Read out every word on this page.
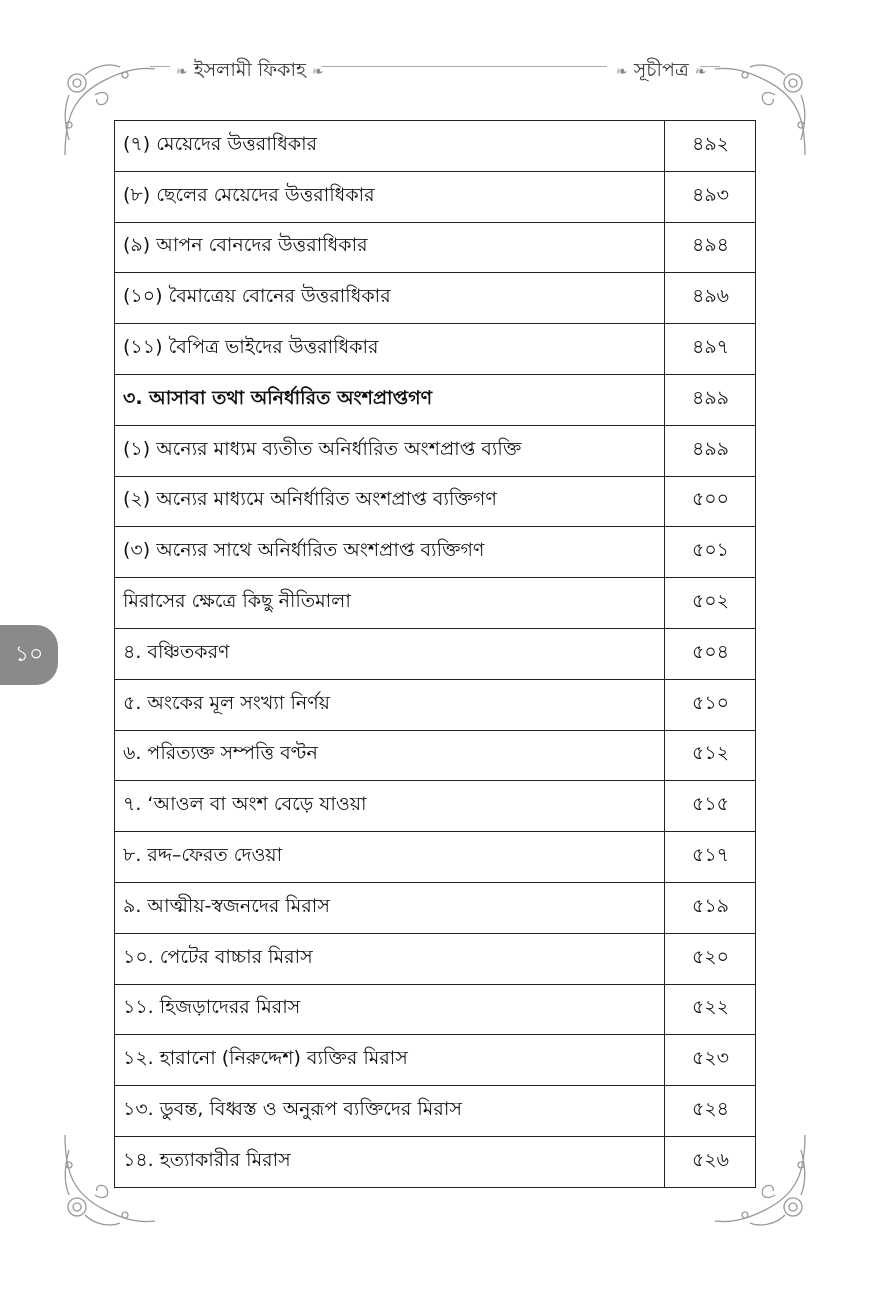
❧ ইসলামী ফিকাহ ❧	❧ সূচীপত্র ❧
১০
(৭) মেয়েদের উত্তরাধিকার	৪৯২
(৮) ছেলের মেয়েদের উত্তরাধিকার	৪৯৩
(৯) আপন বোনদের উত্তরাধিকার	৪৯৪
(১০) বৈমাত্রেয় বোনের উত্তরাধিকার	৪৯৬
(১১) বৈপিত্র ভাইদের উত্তরাধিকার	৪৯৭
৩. আসাবা তথা অনির্ধারিত অংশপ্রাপ্তগণ	৪৯৯
(১) অন্যের মাধ্যম ব্যতীত অনির্ধারিত অংশপ্রাপ্ত ব্যক্তি	৪৯৯
(২) অন্যের মাধ্যমে অনির্ধারিত অংশপ্রাপ্ত ব্যক্তিগণ	৫০০
(৩) অন্যের সাথে অনির্ধারিত অংশপ্রাপ্ত ব্যক্তিগণ	৫০১
মিরাসের ক্ষেত্রে কিছু নীতিমালা	৫০২
৪. বঞ্চিতকরণ	৫০৪
৫. অংকের মূল সংখ্যা নির্ণয়	৫১০
৬. পরিত্যক্ত সম্পত্তি বণ্টন	৫১২
৭. ‘আওল বা অংশ বেড়ে যাওয়া	৫১৫
৮. রদ্দ–ফেরত দেওয়া	৫১৭
৯. আত্মীয়-স্বজনদের মিরাস	৫১৯
১০. পেটের বাচ্চার মিরাস	৫২০
১১. হিজড়াদেরর মিরাস	৫২২
১২. হারানো (নিরুদ্দেশ) ব্যক্তির মিরাস	৫২৩
১৩. ডুবন্ত, বিধ্বস্ত ও অনুরূপ ব্যক্তিদের মিরাস	৫২৪
১৪. হত্যাকারীর মিরাস	৫২৬
